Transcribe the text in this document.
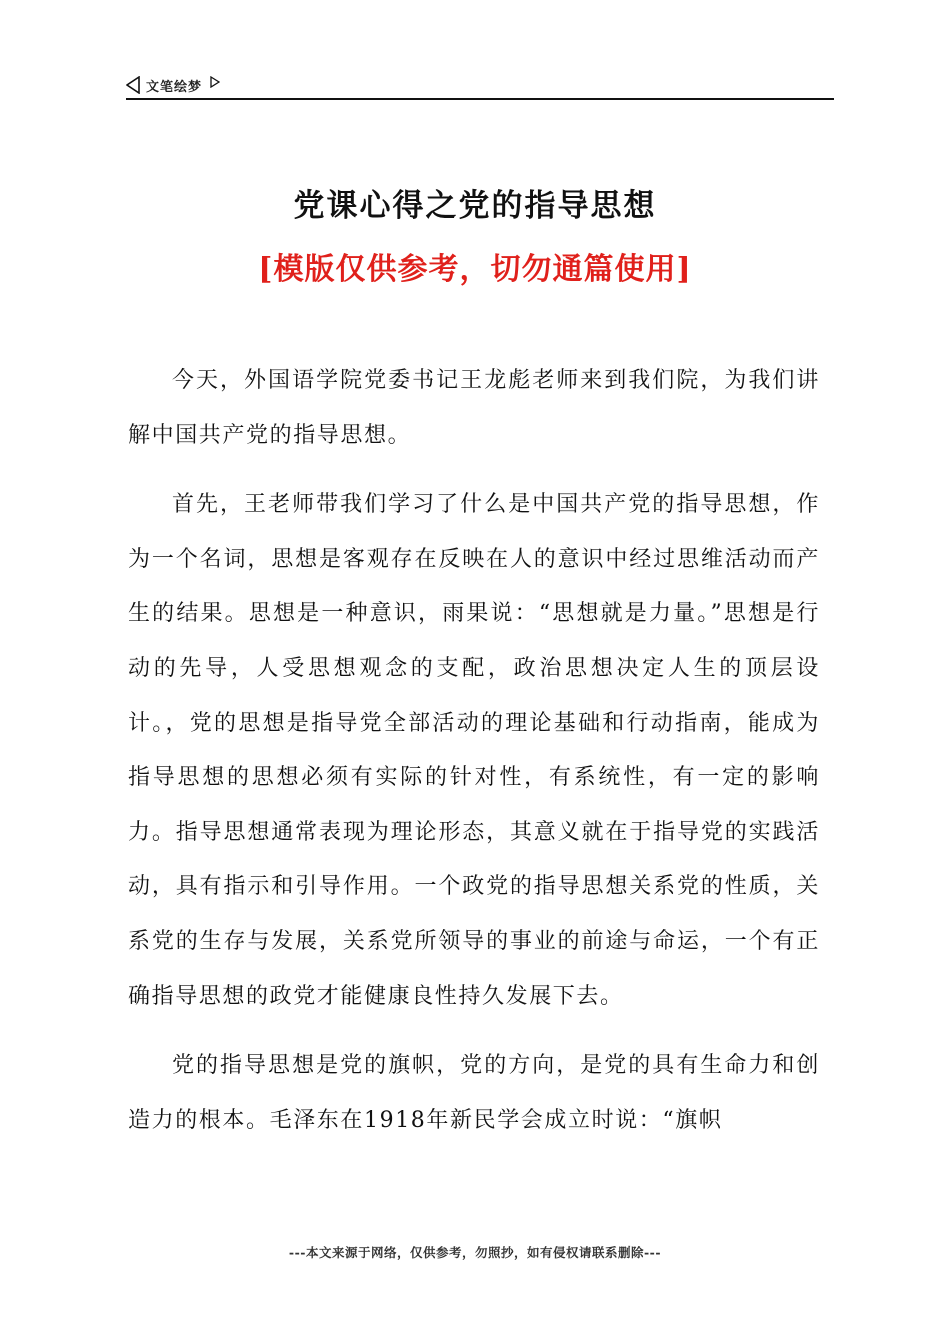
文笔绘梦
党课心得之党的指导思想
[模版仅供参考，切勿通篇使用]

今天，外国语学院党委书记王龙彪老师来到我们院，为我们讲解中国共产党的指导思想。

首先，王老师带我们学习了什么是中国共产党的指导思想，作为一个名词，思想是客观存在反映在人的意识中经过思维活动而产生的结果。思想是一种意识，雨果说：“思想就是力量。”思想是行动的先导，人受思想观念的支配，政治思想决定人生的顶层设计。，党的思想是指导党全部活动的理论基础和行动指南，能成为指导思想的思想必须有实际的针对性，有系统性，有一定的影响力。指导思想通常表现为理论形态，其意义就在于指导党的实践活动，具有指示和引导作用。一个政党的指导思想关系党的性质，关系党的生存与发展，关系党所领导的事业的前途与命运，一个有正确指导思想的政党才能健康良性持久发展下去。

党的指导思想是党的旗帜，党的方向，是党的具有生命力和创造力的根本。毛泽东在1918年新民学会成立时说：“旗帜

---本文来源于网络，仅供参考，勿照抄，如有侵权请联系删除---
